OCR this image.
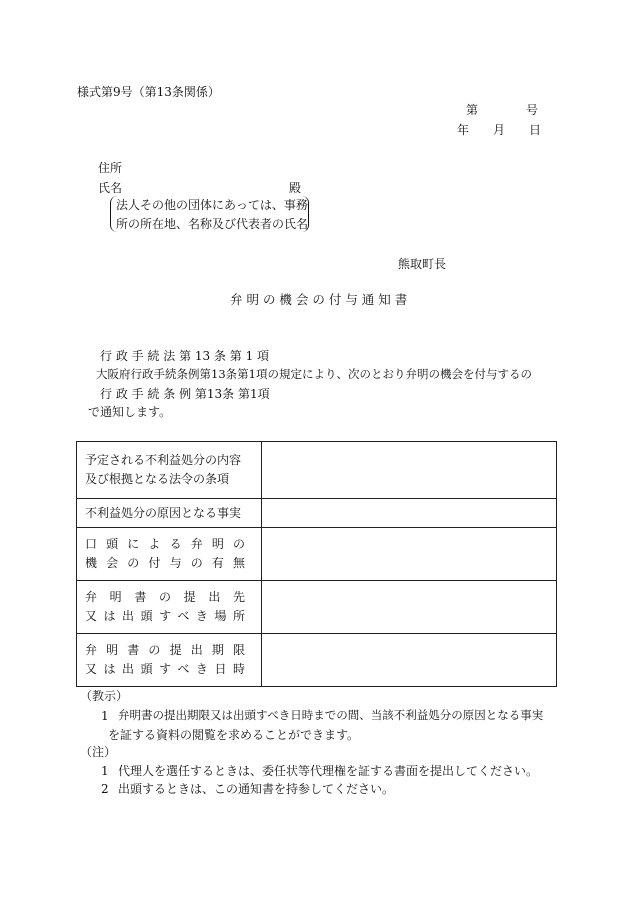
様式第9号（第13条関係）
第　　　　号
年　　月　　日
住所
氏名	殿
法人その他の団体にあっては、事務
所の所在地、名称及び代表者の氏名
熊取町長
弁 明 の 機 会 の 付 与 通 知 書
行 政 手 続 法 第 13 条 第 1 項
大阪府行政手続条例第13条第1項の規定により、次のとおり弁明の機会を付与するの
行 政 手 続 条 例 第13条 第1項
で通知します。
予定される不利益処分の内容
及び根拠となる法令の条項	

不利益処分の原因となる事実	

口頭による弁明の
機会の付与の有無	

弁明書の提出先
又は出頭すべき場所	

弁明書の提出期限
又は出頭すべき日時	

（教示）
1 弁明書の提出期限又は出頭すべき日時までの間、当該不利益処分の原因となる事実
を証する資料の閲覧を求めることができます。
（注）
1 代理人を選任するときは、委任状等代理権を証する書面を提出してください。
2 出頭するときは、この通知書を持参してください。
